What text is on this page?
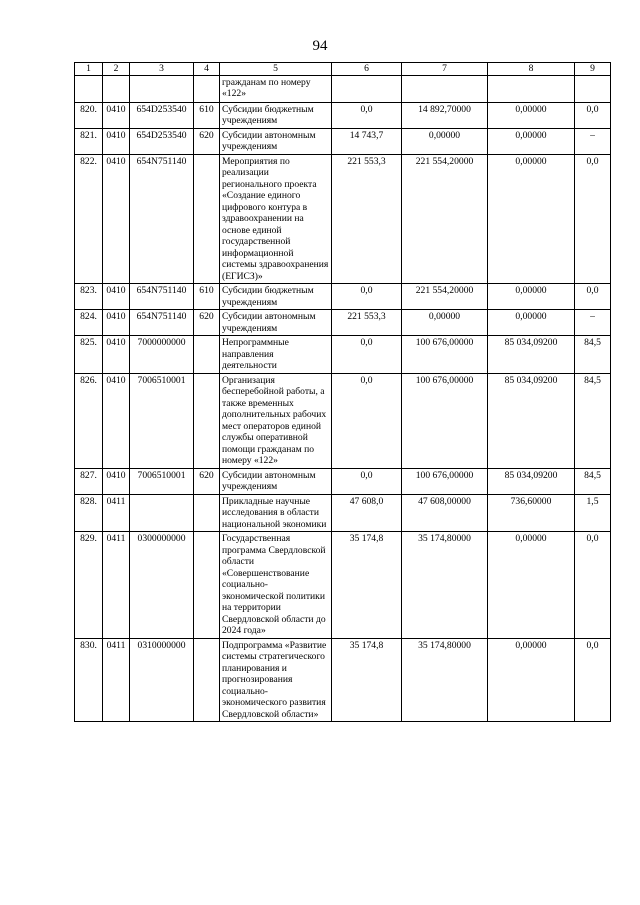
94
1	2	3	4	5	6	7	8	9
				гражданам по номеру «122»				
820.	0410	654D253540	610	Субсидии бюджетным учреждениям	0,0	14 892,70000	0,00000	0,0
821.	0410	654D253540	620	Субсидии автономным учреждениям	14 743,7	0,00000	0,00000	–
822.	0410	654N751140		Мероприятия по реализации регионального проекта «Создание единого цифрового контура в здравоохранении на основе единой государственной информационной системы здравоохранения (ЕГИСЗ)»	221 553,3	221 554,20000	0,00000	0,0
823.	0410	654N751140	610	Субсидии бюджетным учреждениям	0,0	221 554,20000	0,00000	0,0
824.	0410	654N751140	620	Субсидии автономным учреждениям	221 553,3	0,00000	0,00000	–
825.	0410	7000000000		Непрограммные направления деятельности	0,0	100 676,00000	85 034,09200	84,5
826.	0410	7006510001		Организация бесперебойной работы, а также временных дополнительных рабочих мест операторов единой службы оперативной помощи гражданам по номеру «122»	0,0	100 676,00000	85 034,09200	84,5
827.	0410	7006510001	620	Субсидии автономным учреждениям	0,0	100 676,00000	85 034,09200	84,5
828.	0411			Прикладные научные исследования в области национальной экономики	47 608,0	47 608,00000	736,60000	1,5
829.	0411	0300000000		Государственная программа Свердловской области «Совершенствование социально-экономической политики на территории Свердловской области до 2024 года»	35 174,8	35 174,80000	0,00000	0,0
830.	0411	0310000000		Подпрограмма «Развитие системы стратегического планирования и прогнозирования социально-экономического развития Свердловской области»	35 174,8	35 174,80000	0,00000	0,0
